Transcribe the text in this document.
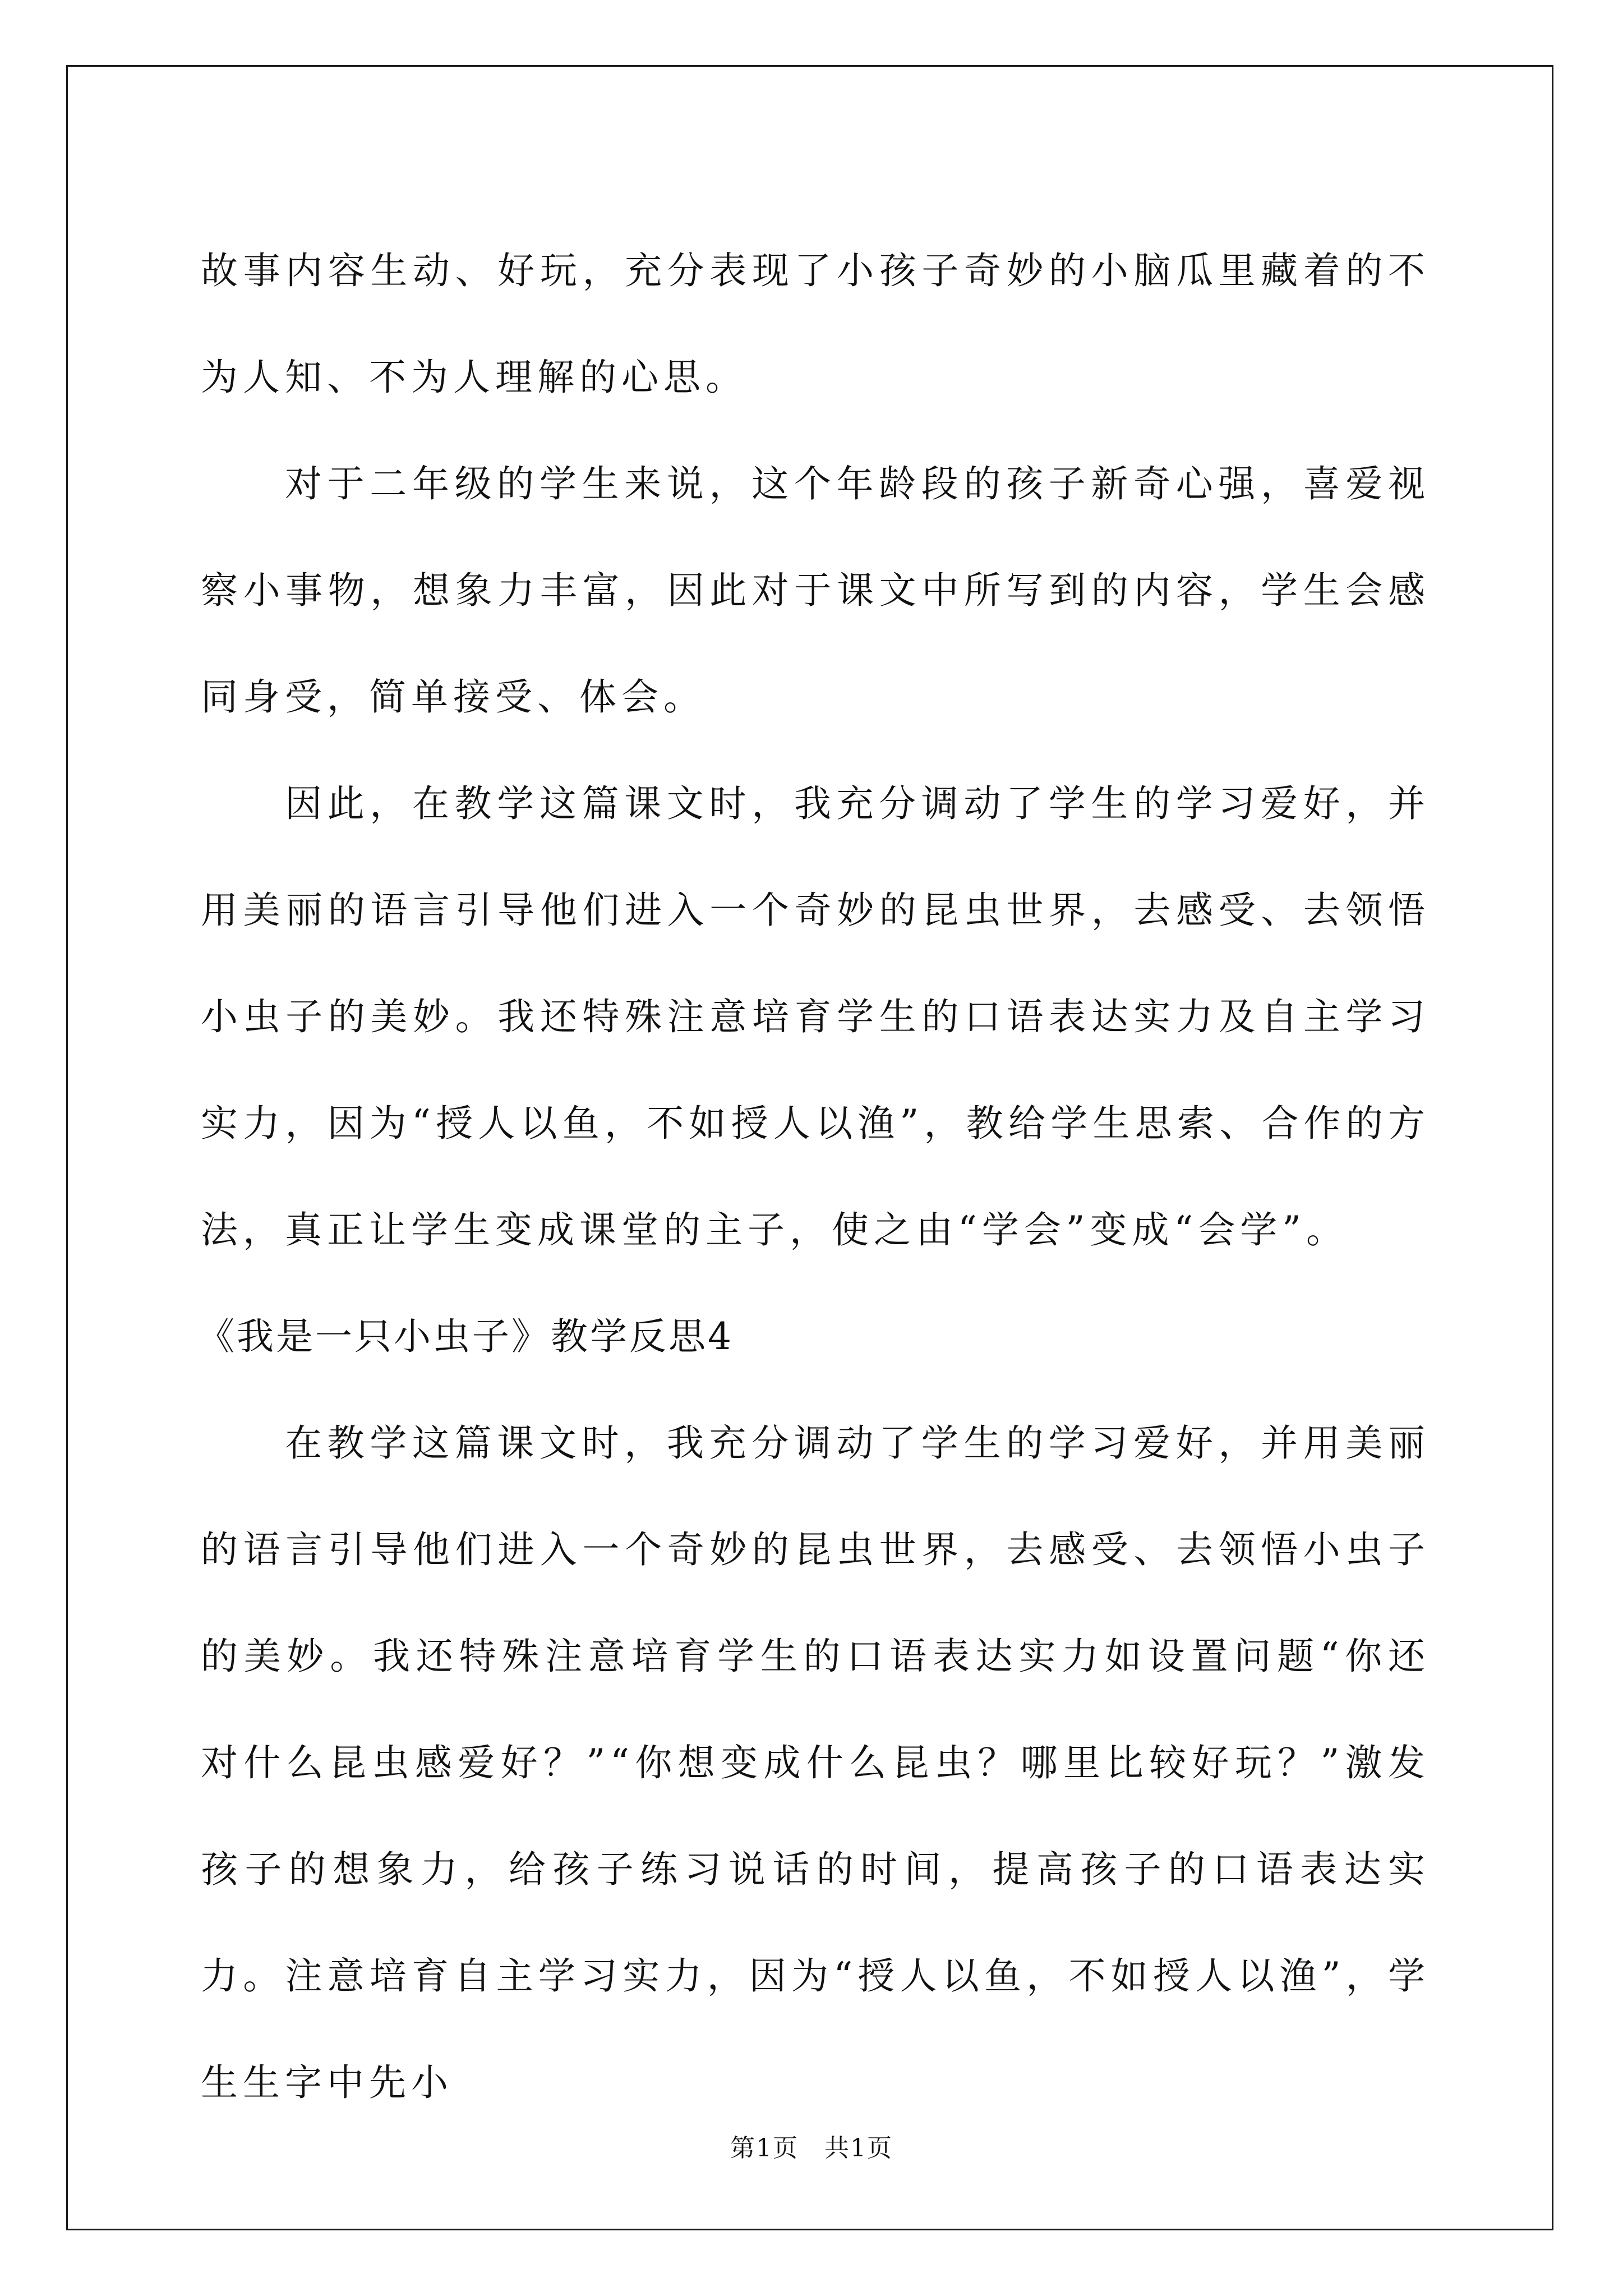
故事内容生动、好玩，充分表现了小孩子奇妙的小脑瓜里藏着的不为人知、不为人理解的心思。

对于二年级的学生来说，这个年龄段的孩子新奇心强，喜爱视察小事物，想象力丰富，因此对于课文中所写到的内容，学生会感同身受，简单接受、体会。

因此，在教学这篇课文时，我充分调动了学生的学习爱好，并用美丽的语言引导他们进入一个奇妙的昆虫世界，去感受、去领悟小虫子的美妙。我还特殊注意培育学生的口语表达实力及自主学习实力，因为“授人以鱼，不如授人以渔”，教给学生思索、合作的方法，真正让学生变成课堂的主子，使之由“学会”变成“会学”。

《我是一只小虫子》教学反思4

在教学这篇课文时，我充分调动了学生的学习爱好，并用美丽的语言引导他们进入一个奇妙的昆虫世界，去感受、去领悟小虫子的美妙。我还特殊注意培育学生的口语表达实力如设置问题“你还对什么昆虫感爱好？”“你想变成什么昆虫？哪里比较好玩？”激发孩子的想象力，给孩子练习说话的时间，提高孩子的口语表达实力。注意培育自主学习实力，因为“授人以鱼，不如授人以渔”，学生生字中先小

第1页　共1页
